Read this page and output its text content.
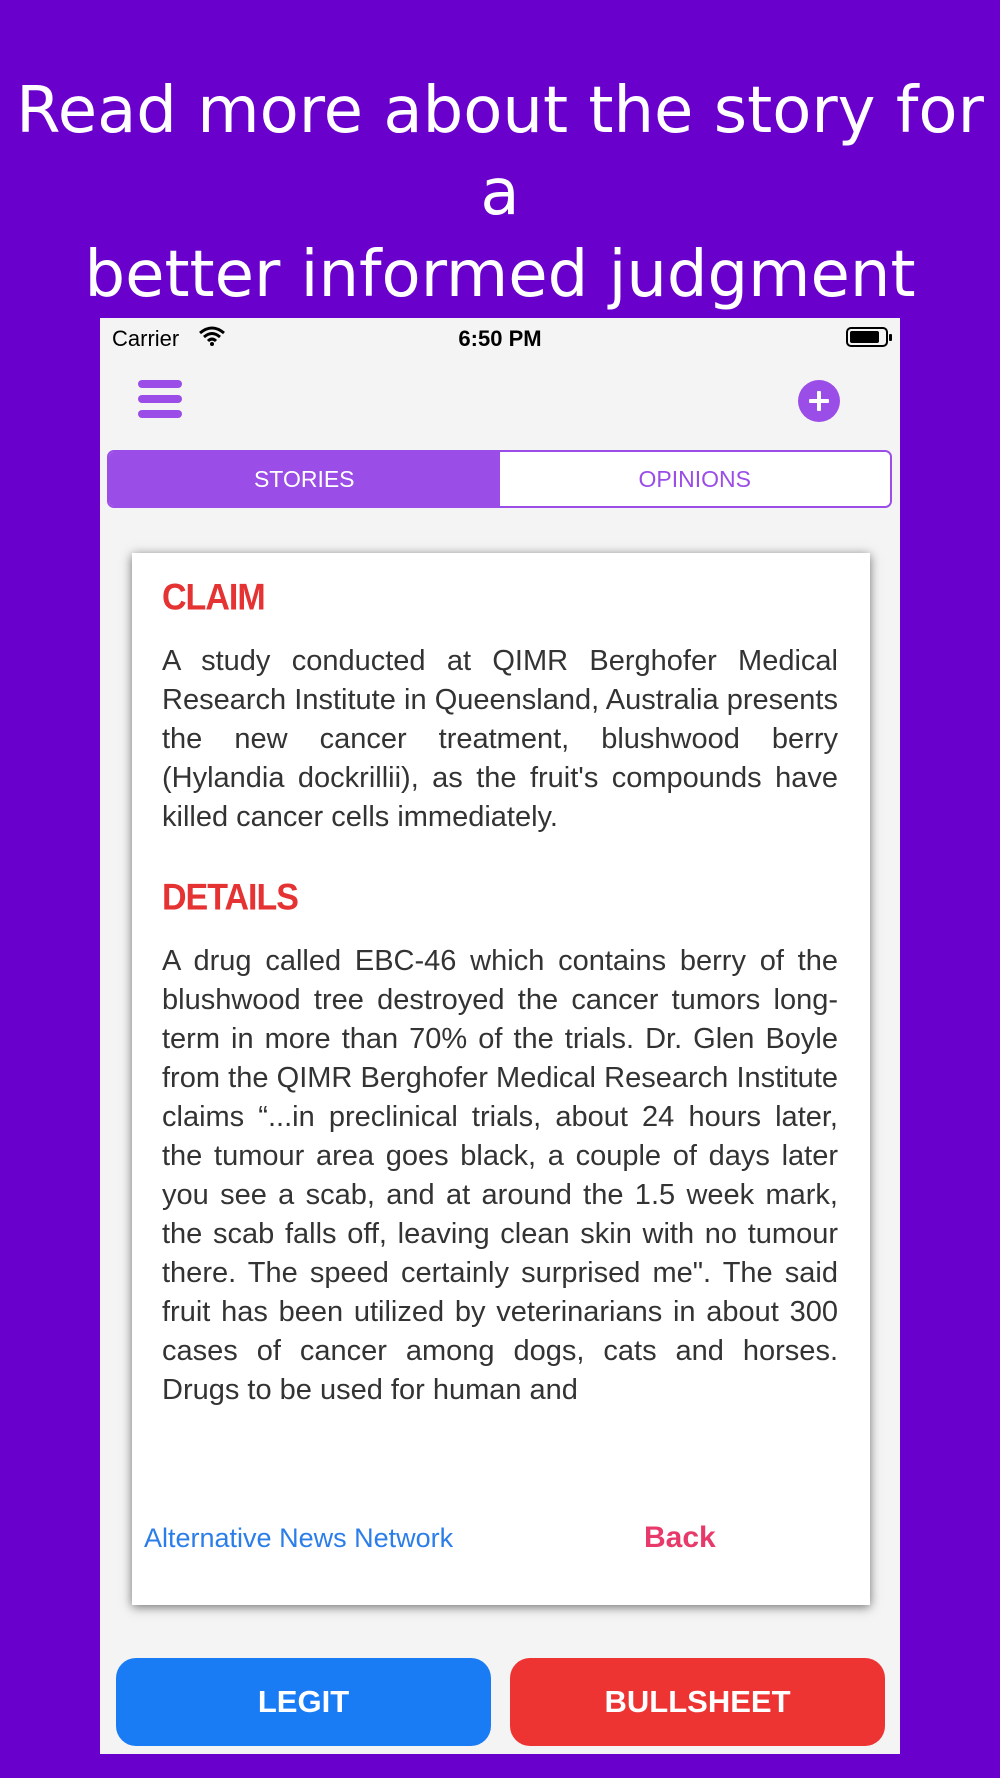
Read more about the story for a
better informed judgment
Carrier	6:50 PM
STORIES	OPINIONS
CLAIM

A study conducted at QIMR Berghofer Medical Research Institute in Queensland, Australia presents the new cancer treatment, blushwood berry (Hylandia dockrillii), as the fruit's compounds have killed cancer cells immediately.

DETAILS

A drug called EBC-46 which contains berry of the blushwood tree destroyed the cancer tumors long-term in more than 70% of the trials. Dr. Glen Boyle from the QIMR Berghofer Medical Research Institute claims “...in preclinical trials, about 24 hours later, the tumour area goes black, a couple of days later you see a scab, and at around the 1.5 week mark, the scab falls off, leaving clean skin with no tumour there. The speed certainly surprised me". The said fruit has been utilized by veterinarians in about 300 cases of cancer among dogs, cats and horses. Drugs to be used for human and

Alternative News Network	Back
LEGIT	BULLSHEET
